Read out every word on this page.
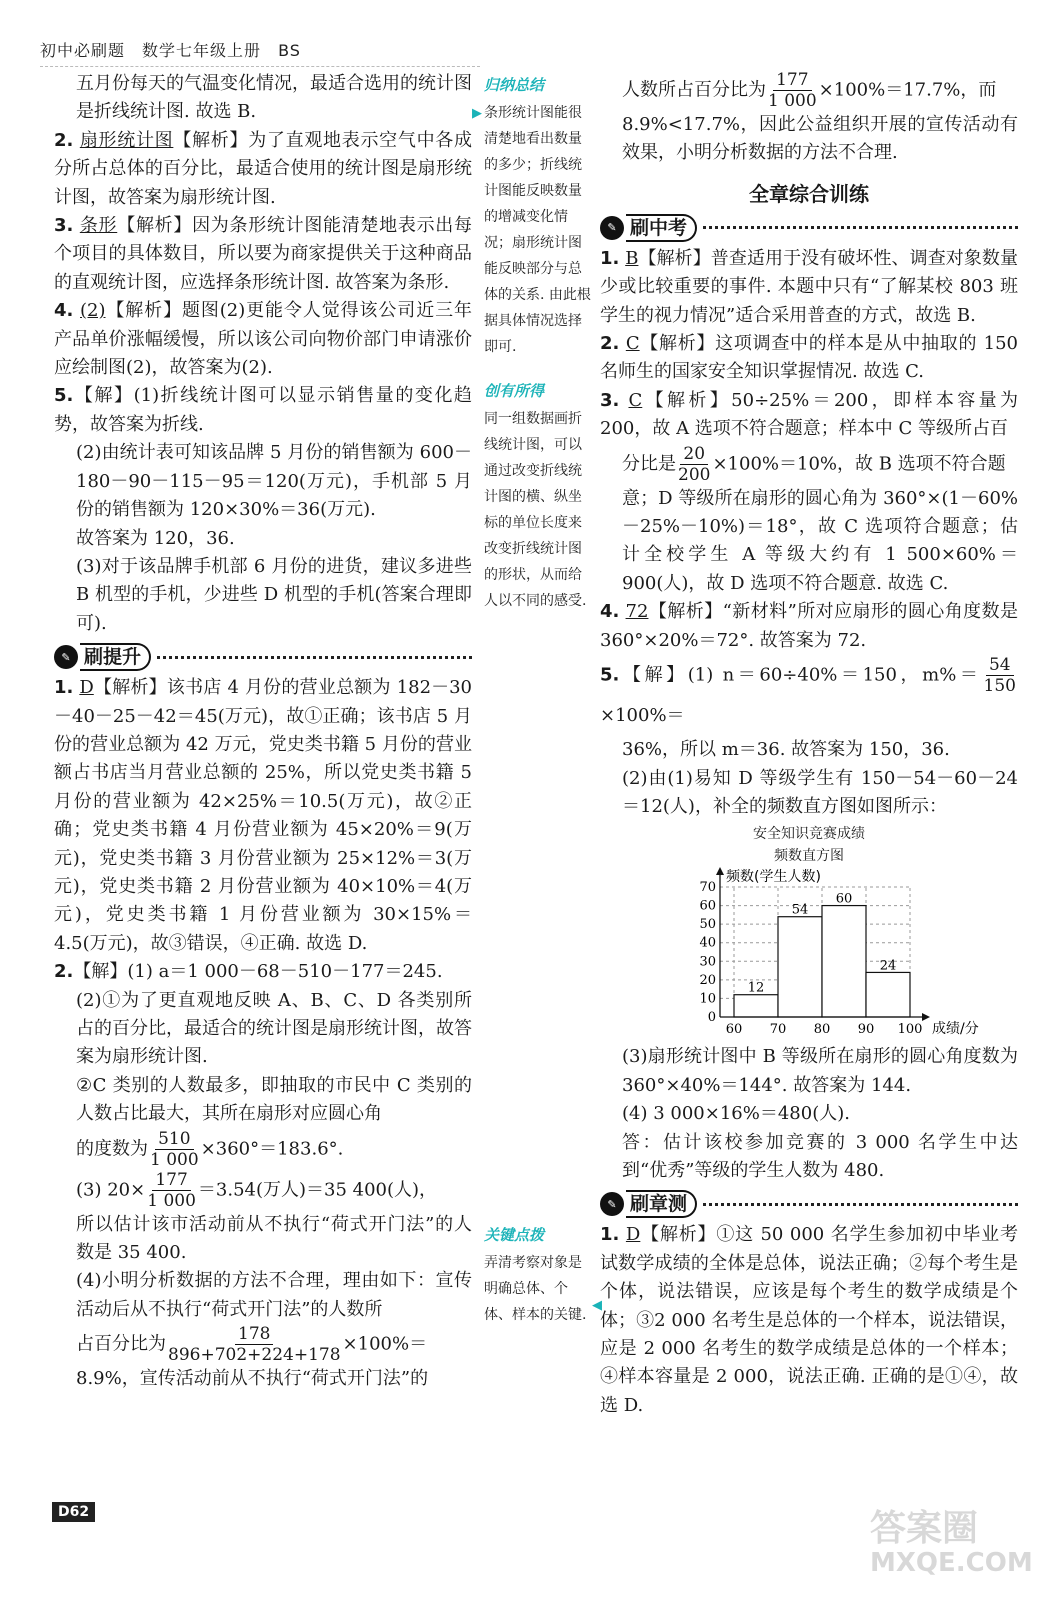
初中必刷题　 数学七年级上册　 BS

五月份每天的气温变化情况，最适合选用的统计图是折线统计图. 故选 B.

2. 扇形统计图【解析】为了直观地表示空气中各成分所占总体的百分比，最适合使用的统计图是扇形统计图，故答案为扇形统计图.

3. 条形【解析】因为条形统计图能清楚地表示出每个项目的具体数目，所以要为商家提供关于这种商品的直观统计图，应选择条形统计图. 故答案为条形.

4. (2)【解析】题图(2)更能令人觉得该公司近三年产品单价涨幅缓慢，所以该公司向物价部门申请涨价应绘制图(2)，故答案为(2).

5.【解】(1)折线统计图可以显示销售量的变化趋势，故答案为折线.

(2)由统计表可知该品牌 5 月份的销售额为 600－180－90－115－95＝120(万元)，手机部 5 月份的销售额为 120×30%＝36(万元).

故答案为 120，36.

(3)对于该品牌手机部 6 月份的进货，建议多进些 B 机型的手机，少进些 D 机型的手机(答案合理即可).

✎ 刷提升

1. D【解析】该书店 4 月份的营业总额为 182－30－40－25－42＝45(万元)，故①正确；该书店 5 月份的营业总额为 42 万元，党史类书籍 5 月份的营业额占书店当月营业总额的 25%，所以党史类书籍 5 月份的营业额为 42×25%＝10.5(万元)，故②正确；党史类书籍 4 月份营业额为 45×20%＝9(万元)，党史类书籍 3 月份营业额为 25×12%＝3(万元)，党史类书籍 2 月份营业额为 40×10%＝4(万元)，党史类书籍 1 月份营业额为 30×15%＝4.5(万元)，故③错误，④正确. 故选 D.

2.【解】(1) a＝1 000－68－510－177＝245.

(2)①为了更直观地反映 A、B、C、D 各类别所占的百分比，最适合的统计图是扇形统计图，故答案为扇形统计图.

②C 类别的人数最多，即抽取的市民中 C 类别的人数占比最大，其所在扇形对应圆心角

的度数为 $\frac{510}{1 000} \times 360^\circ=183.6^\circ$.

(3) $20\times \frac{177}{1 000} =3.54$(万人)＝35 400(人)，

所以估计该市活动前从不执行“荷式开门法”的人数是 35 400.

(4)小明分析数据的方法不合理，理由如下：宣传活动后从不执行“荷式开门法”的人数所

占百分比为 $\frac{178}{896+702+224+178} \times 100\%=$

8.9%，宣传活动前从不执行“荷式开门法”的

归纳总结
条形统计图能很清楚地看出数量的多少；折线统计图能反映数量的增减变化情况；扇形统计图能反映部分与总体的关系. 由此根据具体情况选择即可.
▶
创有所得
同一组数据画折线统计图，可以通过改变折线统计图的横、纵坐标的单位长度来改变折线统计图的形状，从而给人以不同的感受.
关键点拨
弄清考察对象是明确总体、个体、样本的关键.
◀

人数所占百分比为 $\frac{177}{1 000} \times 100\%=17.7\%$，而

8.9%<17.7%，因此公益组织开展的宣传活动有效果，小明分析数据的方法不合理.

全章综合训练
✎ 刷中考

1. B【解析】普查适用于没有破坏性、调查对象数量少或比较重要的事件. 本题中只有“了解某校 803 班学生的视力情况”适合采用普查的方式，故选 B.

2. C【解析】这项调查中的样本是从中抽取的 150 名师生的国家安全知识掌握情况. 故选 C.

3. C【解析】50÷25%＝200，即样本容量为 200，故 A 选项不符合题意；样本中 C 等级所占百

分比是 $\frac{20}{200} \times 100\%=10\%$，故 B 选项不符合题

意；D 等级所在扇形的圆心角为 360°×(1－60%－25%－10%)＝18°，故 C 选项符合题意；估计全校学生 A 等级大约有 1 500×60%＝900(人)，故 D 选项不符合题意. 故选 C.

4. 72【解析】“新材料”所对应扇形的圆心角度数是 360°×20%＝72°. 故答案为 72.

5.【解】(1) n＝60÷40%＝150，$m\%= \frac{54}{150}$
×100%＝

36%，所以 m＝36. 故答案为 150，36.

(2)由(1)易知 D 等级学生有 150－54－60－24＝12(人)，补全的频数直方图如图所示：

安全知识竞赛成绩
频数直方图
0
10
20
30
40
50
60
70
60 70 80 90 100
12
54
60
24
频数(学生人数)
成绩/分

(3)扇形统计图中 B 等级所在扇形的圆心角度数为 360°×40%＝144°. 故答案为 144.

(4) 3 000×16%＝480(人).

答：估计该校参加竞赛的 3 000 名学生中达到“优秀”等级的学生人数为 480.

✎ 刷章测

1. D【解析】①这 50 000 名学生参加初中毕业考试数学成绩的全体是总体，说法正确；②每个考生是个体，说法错误，应该是每个考生的数学成绩是个体；③2 000 名考生是总体的一个样本，说法错误，应是 2 000 名考生的数学成绩是总体的一个样本；④样本容量是 2 000，说法正确. 正确的是①④，故选 D.

D62	答案圈
MXQE.COM
